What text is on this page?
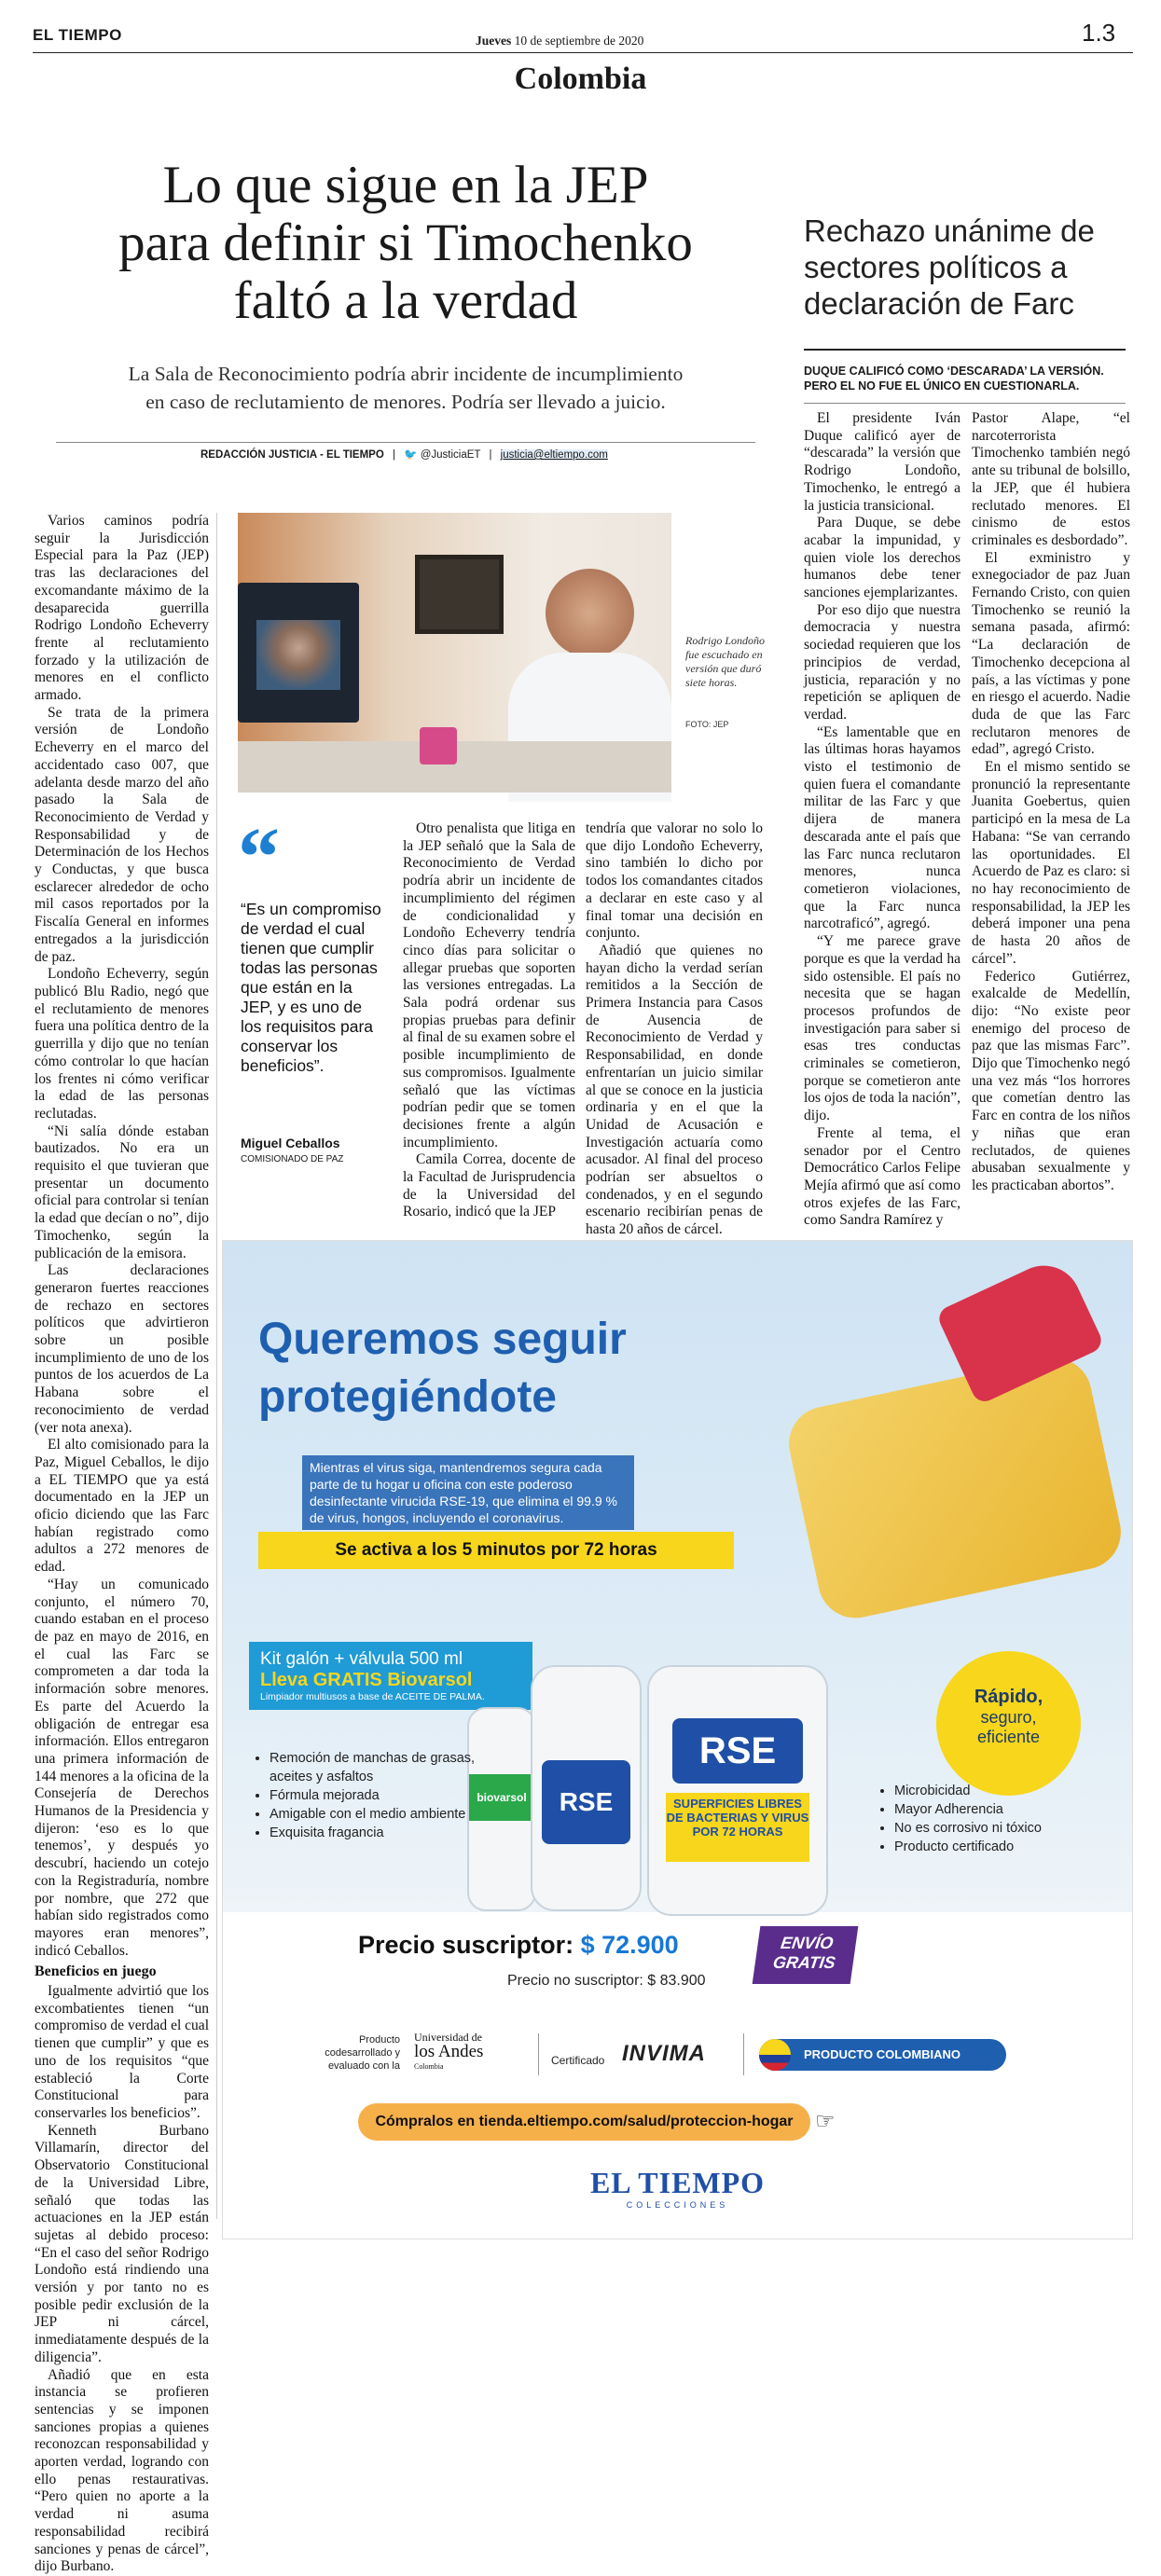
EL TIEMPO	Jueves 10 de septiembre de 2020	1.3
Colombia
Lo que sigue en la JEP
para definir si Timochenko
faltó a la verdad
La Sala de Reconocimiento podría abrir incidente de incumplimiento
en caso de reclutamiento de menores. Podría ser llevado a juicio.
REDACCIÓN JUSTICIA - EL TIEMPO | 🐦 @JusticiaET | justicia@eltiempo.com
Rechazo unánime de
sectores políticos a
declaración de Farc
DUQUE CALIFICÓ COMO ‘DESCARADA’ LA VERSIÓN.
PERO EL NO FUE EL ÚNICO EN CUESTIONARLA.
Rodrigo Londoño fue escuchado en versión que duró siete horas.
FOTO: JEP
“
“Es un compromiso de verdad el cual tienen que cumplir todas las personas que están en la JEP, y es uno de los requisitos para conservar los beneficios”.
Miguel Ceballos
COMISIONADO DE PAZ

Varios caminos podría seguir la Jurisdicción Especial para la Paz (JEP) tras las declaraciones del excomandante máximo de la desaparecida guerrilla Rodrigo Londoño Echeverry frente al reclutamiento forzado y la utilización de menores en el conflicto armado.

Se trata de la primera versión de Londoño Echeverry en el marco del accidentado caso 007, que adelanta desde marzo del año pasado la Sala de Reconocimiento de Verdad y Responsabilidad y de Determinación de los Hechos y Conductas, y que busca esclarecer alrededor de ocho mil casos reportados por la Fiscalía General en informes entregados a la jurisdicción de paz.

Londoño Echeverry, según publicó Blu Radio, negó que el reclutamiento de menores fuera una política dentro de la guerrilla y dijo que no tenían cómo controlar lo que hacían los frentes ni cómo verificar la edad de las personas reclutadas.

“Ni salía dónde estaban bautizados. No era un requisito el que tuvieran que presentar un documento oficial para controlar si tenían la edad que decían o no”, dijo Timochenko, según la publicación de la emisora.

Las declaraciones generaron fuertes reacciones de rechazo en sectores políticos que advirtieron sobre un posible incumplimiento de uno de los puntos de los acuerdos de La Habana sobre el reconocimiento de verdad (ver nota anexa).

El alto comisionado para la Paz, Miguel Ceballos, le dijo a EL TIEMPO que ya está documentado en la JEP un oficio diciendo que las Farc habían registrado como adultos a 272 menores de edad.

“Hay un comunicado conjunto, el número 70, cuando estaban en el proceso de paz en mayo de 2016, en el cual las Farc se comprometen a dar toda la información sobre menores. Es parte del Acuerdo la obligación de entregar esa información. Ellos entregaron una primera información de 144 menores a la oficina de la Consejería de Derechos Humanos de la Presidencia y dijeron: ‘eso es lo que tenemos’, y después yo descubrí, haciendo un cotejo con la Registraduría, nombre por nombre, que 272 que habían sido registrados como mayores eran menores”, indicó Ceballos.

Beneficios en juego

Igualmente advirtió que los excombatientes tienen “un compromiso de verdad el cual tienen que cumplir” y que es uno de los requisitos “que estableció la Corte Constitucional para conservarles los beneficios”.

Kenneth Burbano Villamarín, director del Observatorio Constitucional de la Universidad Libre, señaló que todas las actuaciones en la JEP están sujetas al debido proceso: “En el caso del señor Rodrigo Londoño está rindiendo una versión y por tanto no es posible pedir exclusión de la JEP ni cárcel, inmediatamente después de la diligencia”.

Añadió que en esta instancia se profieren sentencias y se imponen sanciones propias a quienes reconozcan responsabilidad y aporten verdad, logrando con ello penas restaurativas. “Pero quien no aporte a la verdad ni asuma responsabilidad recibirá sanciones y penas de cárcel”, dijo Burbano.

Otro penalista que litiga en la JEP señaló que la Sala de Reconocimiento de Verdad podría abrir un incidente de incumplimiento del régimen de condicionalidad y Londoño Echeverry tendría cinco días para solicitar o allegar pruebas que soporten las versiones entregadas. La Sala podrá ordenar sus propias pruebas para definir al final de su examen sobre el posible incumplimiento de sus compromisos. Igualmente señaló que las víctimas podrían pedir que se tomen decisiones frente a algún incumplimiento.

Camila Correa, docente de la Facultad de Jurisprudencia de la Universidad del Rosario, indicó que la JEP

tendría que valorar no solo lo que dijo Londoño Echeverry, sino también lo dicho por todos los comandantes citados a declarar en este caso y al final tomar una decisión en conjunto.

Añadió que quienes no hayan dicho la verdad serían remitidos a la Sección de Primera Instancia para Casos de Ausencia de Reconocimiento de Verdad y Responsabilidad, en donde enfrentarían un juicio similar al que se conoce en la justicia ordinaria y en el que la Unidad de Acusación e Investigación actuaría como acusador. Al final del proceso podrían ser absueltos o condenados, y en el segundo escenario recibirían penas de hasta 20 años de cárcel.

El presidente Iván Duque calificó ayer de “descarada” la versión que Rodrigo Londoño, Timochenko, le entregó a la justicia transicional.

Para Duque, se debe acabar la impunidad, y quien viole los derechos humanos debe tener sanciones ejemplarizantes.

Por eso dijo que nuestra democracia y nuestra sociedad requieren que los principios de verdad, justicia, reparación y no repetición se apliquen de verdad.

“Es lamentable que en las últimas horas hayamos visto el testimonio de quien fuera el comandante militar de las Farc y que dijera de manera descarada ante el país que las Farc nunca reclutaron menores, nunca cometieron violaciones, que la Farc nunca narcotraficó”, agregó.

“Y me parece grave porque es que la verdad ha sido ostensible. El país no necesita que se hagan procesos profundos de investigación para saber si esas tres conductas criminales se cometieron, porque se cometieron ante los ojos de toda la nación”, dijo.

Frente al tema, el senador por el Centro Democrático Carlos Felipe Mejía afirmó que así como otros exjefes de las Farc, como Sandra Ramírez y

Pastor Alape, “el narcoterrorista Timochenko también negó ante su tribunal de bolsillo, la JEP, que él hubiera reclutado menores. El cinismo de estos criminales es desbordado”.

El exministro y exnegociador de paz Juan Fernando Cristo, con quien Timochenko se reunió la semana pasada, afirmó: “La declaración de Timochenko decepciona al país, a las víctimas y pone en riesgo el acuerdo. Nadie duda de que las Farc reclutaron menores de edad”, agregó Cristo.

En el mismo sentido se pronunció la representante Juanita Goebertus, quien participó en la mesa de La Habana: “Se van cerrando las oportunidades. El Acuerdo de Paz es claro: si no hay reconocimiento de responsabilidad, la JEP les deberá imponer una pena de hasta 20 años de cárcel”.

Federico Gutiérrez, exalcalde de Medellín, dijo: “No existe peor enemigo del proceso de paz que las mismas Farc”. Dijo que Timochenko negó una vez más “los horrores que cometían dentro las Farc en contra de los niños y niñas que eran reclutados, de quienes abusaban sexualmente y les practicaban abortos”.

Queremos seguir
protegiéndote
Mientras el virus siga, mantendremos segura cada parte de tu hogar u oficina con este poderoso desinfectante virucida RSE-19, que elimina el 99.9 % de virus, hongos, incluyendo el coronavirus.
Se activa a los 5 minutos por 72 horas
Kit galón + válvula 500 ml
Lleva GRATIS Biovarsol
Limpiador multiusos a base de ACEITE DE PALMA.
biovarsol	RSE
RSE
SUPERFICIES LIBRES DE BACTERIAS Y VIRUS POR 72 HORAS
Rápido,
seguro,
eficiente
• Remoción de manchas de grasas, aceites y asfaltos
• Fórmula mejorada
• Amigable con el medio ambiente
• Exquisita fragancia
• Microbicidad
• Mayor Adherencia
• No es corrosivo ni tóxico
• Producto certificado
Precio suscriptor: $ 72.900
Precio no suscriptor: $ 83.900
ENVÍO
GRATIS
Producto codesarrollado y evaluado con la
Universidad de
los Andes
Colombia	Certificado INVIMA	PRODUCTO COLOMBIANO
Cómpralos en tienda.eltiempo.com/salud/proteccion-hogar ☞
EL TIEMPO
COLECCIONES
